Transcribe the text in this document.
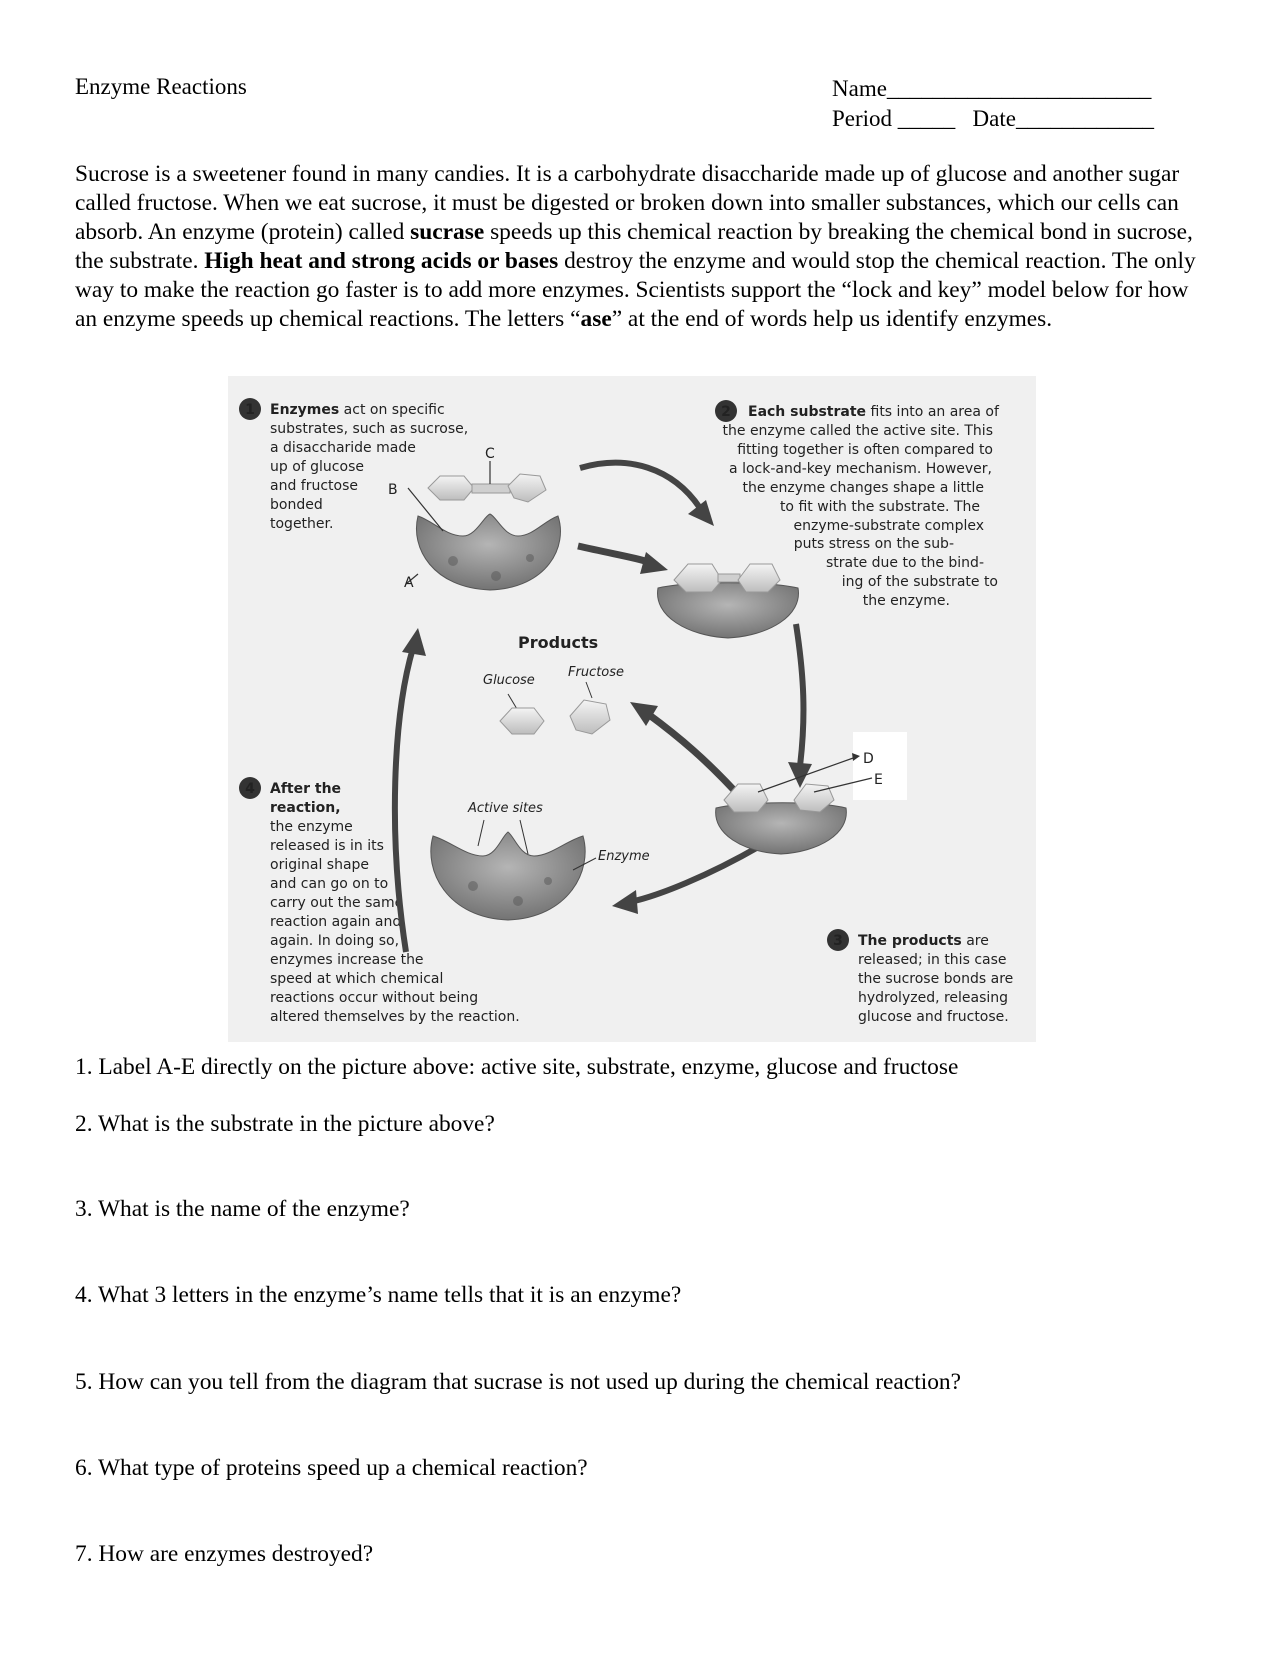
Enzyme Reactions	Name_______________________
Period _____   Date____________
Sucrose is a sweetener found in many candies. It is a carbohydrate disaccharide made up of glucose and another sugar called fructose. When we eat sucrose, it must be digested or broken down into smaller substances, which our cells can absorb. An enzyme (protein) called sucrase speeds up this chemical reaction by breaking the chemical bond in sucrose, the substrate. High heat and strong acids or bases destroy the enzyme and would stop the chemical reaction. The only way to make the reaction go faster is to add more enzymes. Scientists support the “lock and key” model below for how an enzyme speeds up chemical reactions. The letters “ase” at the end of words help us identify enzymes.
1 Enzymes act on specific substrates, such as sucrose, a disaccharide made up of glucose and fructose bonded together.
2 Each substrate fits into an area of
the enzyme called the active site. This
fitting together is often compared to
a lock-and-key mechanism. However,
the enzyme changes shape a little
to fit with the substrate. The
enzyme-substrate complex
puts stress on the sub-
strate due to the bind-
ing of the substrate to
the enzyme.
3 The products are released; in this case the sucrose bonds are hydrolyzed, releasing glucose and fructose.
4 After the reaction, the enzyme released is in its original shape and can go on to carry out the same reaction again and again. In doing so, enzymes increase the speed at which chemical reactions occur without being altered themselves by the reaction.
C
B
A
Products
Glucose
Fructose
D
E
Active sites
Enzyme
1. Label A-E directly on the picture above: active site, substrate, enzyme, glucose and fructose
2. What is the substrate in the picture above?
3. What is the name of the enzyme?
4. What 3 letters in the enzyme’s name tells that it is an enzyme?
5. How can you tell from the diagram that sucrase is not used up during the chemical reaction?
6. What type of proteins speed up a chemical reaction?
7. How are enzymes destroyed?
